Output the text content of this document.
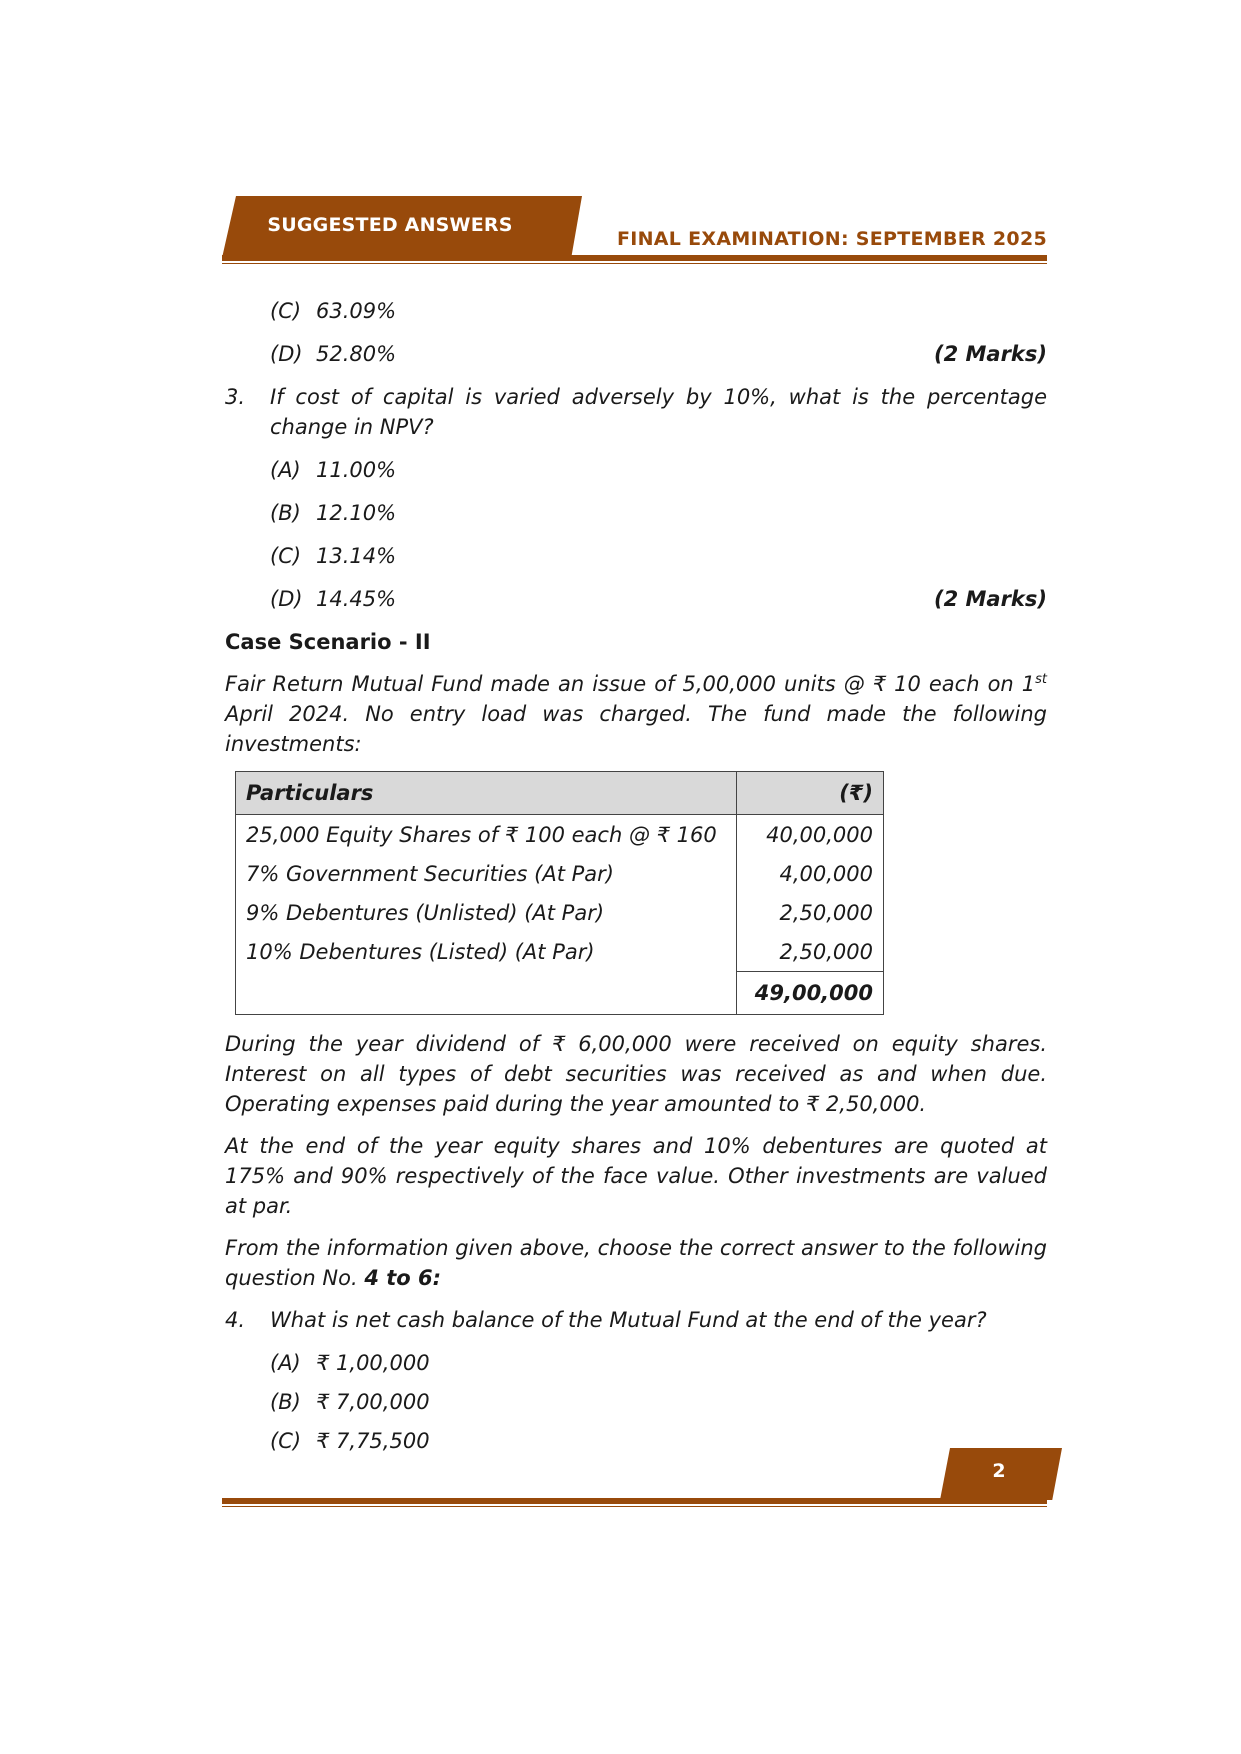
SUGGESTED ANSWERS
FINAL EXAMINATION: SEPTEMBER 2025
(C) 63.09%
(D) 52.80%	(2 Marks)
3.	If cost of capital is varied adversely by 10%, what is the percentage change in NPV?
(A) 11.00%
(B) 12.10%
(C) 13.14%
(D) 14.45%	(2 Marks)
Case Scenario - II
Fair Return Mutual Fund made an issue of 5,00,000 units @ ₹ 10 each on 1st April 2024. No entry load was charged. The fund made the following investments:
Particulars	(₹)
25,000 Equity Shares of ₹ 100 each @ ₹ 160	40,00,000
7% Government Securities (At Par)	4,00,000
9% Debentures (Unlisted) (At Par)	2,50,000
10% Debentures (Listed) (At Par)	2,50,000
	49,00,000
During the year dividend of ₹ 6,00,000 were received on equity shares. Interest on all types of debt securities was received as and when due. Operating expenses paid during the year amounted to ₹ 2,50,000.
At the end of the year equity shares and 10% debentures are quoted at 175% and 90% respectively of the face value. Other investments are valued at par.
From the information given above, choose the correct answer to the following question No. 4 to 6:
4.	What is net cash balance of the Mutual Fund at the end of the year?
(A) ₹ 1,00,000
(B) ₹ 7,00,000
(C) ₹ 7,75,500
2
